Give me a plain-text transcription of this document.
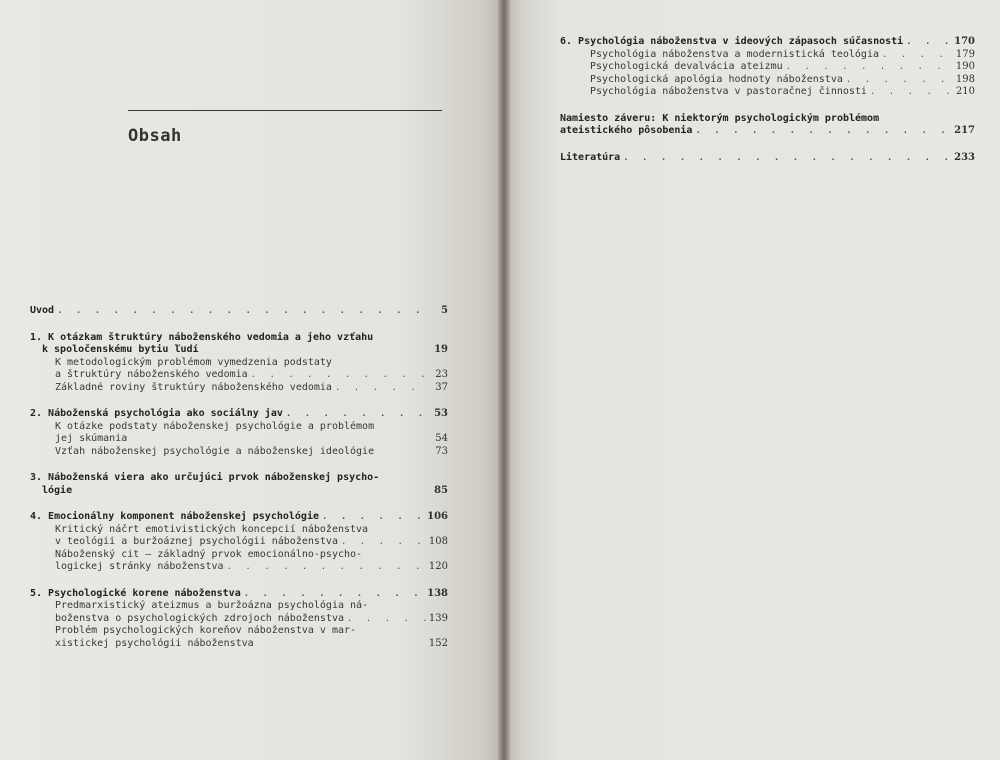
Obsah
Úvod . . .	5
1. K otázkam štruktúry náboženského vedomia a jeho vzťahu
k spoločenskému bytiu ľudí	19
K metodologickým problémom vymedzenia podstaty
a štruktúry náboženského vedomia . . .	23
Základné roviny štruktúry náboženského vedomia . . .	37
2. Náboženská psychológia ako sociálny jav . . .	53
K otázke podstaty náboženskej psychológie a problémom
jej skúmania	54
Vzťah náboženskej psychológie a náboženskej ideológie	73
3. Náboženská viera ako určujúci prvok náboženskej psycho-
lógie	85
4. Emocionálny komponent náboženskej psychológie . . .	106
Kritický náčrt emotivistických koncepcií náboženstva
v teológii a buržoáznej psychológii náboženstva . . .	108
Náboženský cit — základný prvok emocionálno-psycho-
logickej stránky náboženstva . . .	120
5. Psychologické korene náboženstva . . .	138
Predmarxistický ateizmus a buržoázna psychológia ná-
boženstva o psychologických zdrojoch náboženstva . . .	139
Problém psychologických koreňov náboženstva v mar-
xistickej psychológii náboženstva	152
6. Psychológia náboženstva v ideových zápasoch súčasnosti . . .	170
Psychológia náboženstva a modernistická teológia . . .	179
Psychologická devalvácia ateizmu . . .	190
Psychologická apológia hodnoty náboženstva . . .	198
Psychológia náboženstva v pastoračnej činnosti . . .	210
Namiesto záveru: K niektorým psychologickým problémom
ateistického pôsobenia . . .	217
Literatúra . . .	233
